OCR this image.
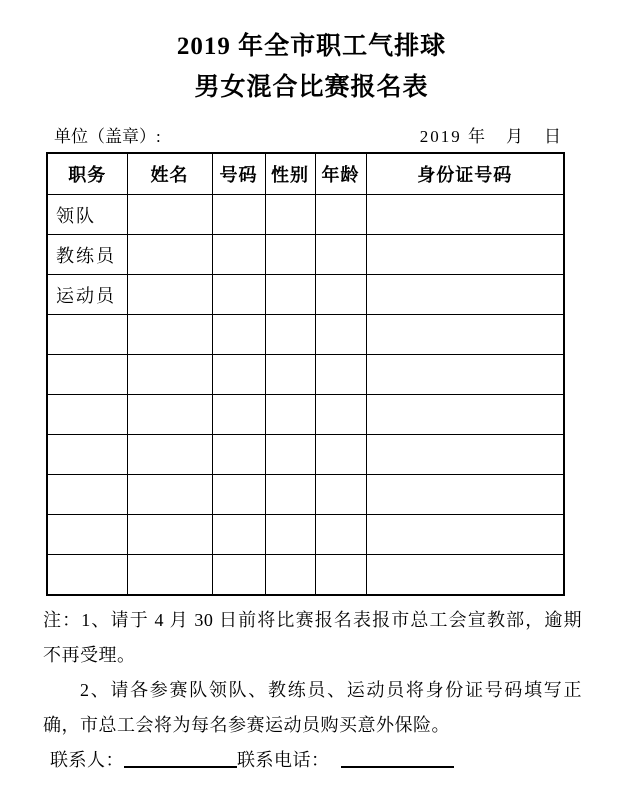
2019 年全市职工气排球
男女混合比赛报名表
单位（盖章）:	2019 年　月　日
职务	姓名	号码	性别	年龄	身份证号码
领队					
教练员					
运动员					

注：1、请于 4 月 30 日前将比赛报名表报市总工会宣教部，逾期

不再受理。

2、请各参赛队领队、教练员、运动员将身份证号码填写正

确，市总工会将为每名参赛运动员购买意外保险。

联系人：	联系电话：
